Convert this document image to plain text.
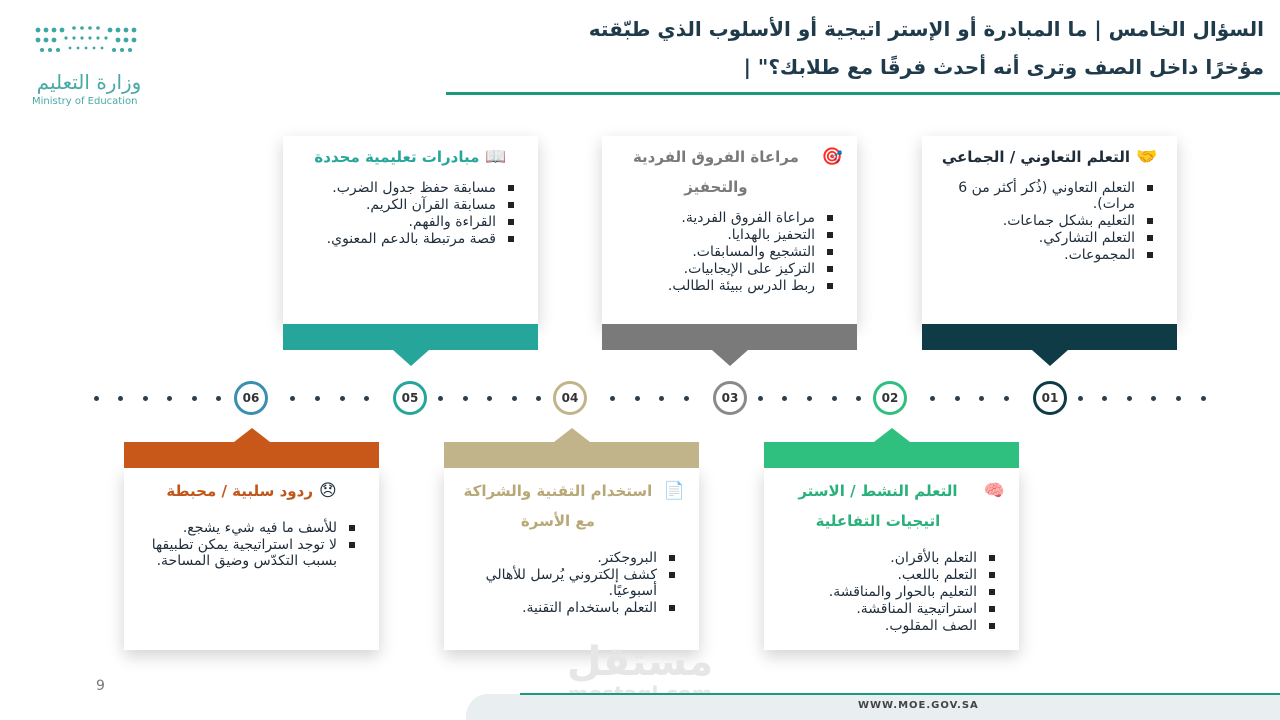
وزارة التعليم
Ministry of Education
السؤال الخامس | ما المبادرة أو الإستر اتيجية أو الأسلوب الذي طبّقته مؤخرًا داخل الصف وترى أنه أحدث فرقًا مع طلابك؟" |
🤝
التعلم التعاوني / الجماعي
التعلم التعاوني (ذُكر أكثر من 6 مرات).
التعليم بشكل جماعات.
التعلم التشاركي.
المجموعات.
🎯
مراعاة الفروق الفردية والتحفيز
مراعاة الفروق الفردية.
التحفيز بالهدايا.
التشجيع والمسابقات.
التركيز على الإيجابيات.
ربط الدرس ببيئة الطالب.
📖
مبادرات تعليمية محددة
مسابقة حفظ جدول الضرب.
مسابقة القرآن الكريم.
القراءة والفهم.
قصة مرتبطة بالدعم المعنوي.
01
02
03
04
05
06
🧠
التعلم النشط / الاستر اتيجيات التفاعلية
التعلم بالأقران.
التعلم باللعب.
التعليم بالحوار والمناقشة.
استراتيجية المناقشة.
الصف المقلوب.
📄
استخدام التقنية والشراكة مع الأسرة
البروجكتر.
كشف إلكتروني يُرسل للأهالي أسبوعيًا.
التعلم باستخدام التقنية.
😞
ردود سلبية / محبطة
للأسف ما فيه شيء يشجع.
لا توجد استراتيجية يمكن تطبيقها بسبب التكدّس وضيق المساحة.
9
مستقل
WWW.MOE.GOV.SA
